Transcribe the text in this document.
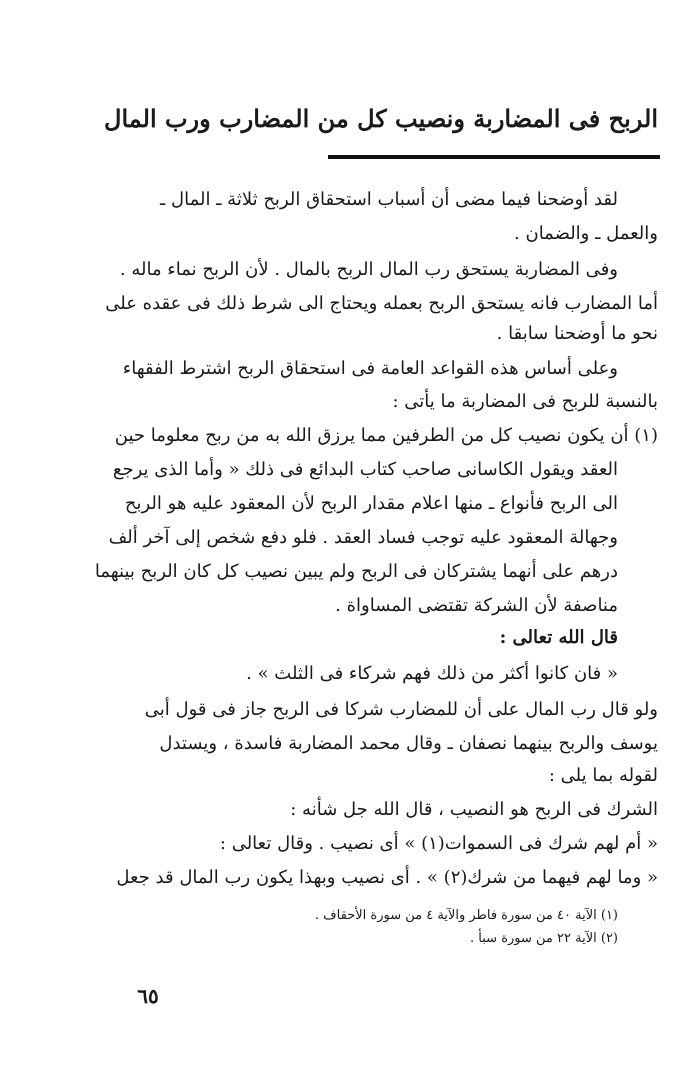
الربح فى المضاربة ونصيب كل من المضارب ورب المال
لقد أوضحنا فيما مضى أن أسباب استحقاق الربح ثلاثة ـ المال ـ
والعمل ـ والضمان .
وفى المضاربة يستحق رب المال الربح بالمال . لأن الربح نماء ماله .
أما المضارب فانه يستحق الربح بعمله ويحتاج الى شرط ذلك فى عقده على
نحو ما أوضحنا سابقا .
وعلى أساس هذه القواعد العامة فى استحقاق الربح اشترط الفقهاء
بالنسبة للربح فى المضاربة ما يأتى :
(١) أن يكون نصيب كل من الطرفين مما يرزق الله به من ربح معلوما حين
العقد ويقول الكاسانى صاحب كتاب البدائع فى ذلك « وأما الذى يرجع
الى الربح فأنواع ـ منها اعلام مقدار الربح لأن المعقود عليه هو الربح
وجهالة المعقود عليه توجب فساد العقد . فلو دفع شخص إلى آخر ألف
درهم على أنهما يشتركان فى الربح ولم يبين نصيب كل كان الربح بينهما
مناصفة لأن الشركة تقتضى المساواة .
قال الله تعالى :
« فان كانوا أكثر من ذلك فهم شركاء فى الثلث » .
ولو قال رب المال على أن للمضارب شركا فى الربح جاز فى قول أبى
يوسف والربح بينهما نصفان ـ وقال محمد المضاربة فاسدة ، ويستدل
لقوله بما يلى :
الشرك فى الربح هو النصيب ، قال الله جل شأنه :
« أم لهم شرك فى السموات(١) » أى نصيب . وقال تعالى :
« وما لهم فيهما من شرك(٢) » . أى نصيب وبهذا يكون رب المال قد جعل
(١) الآية ٤٠ من سورة فاطر والآية ٤ من سورة الأحقاف .
(٢) الآية ٢٢ من سورة سبأ .
٦٥
